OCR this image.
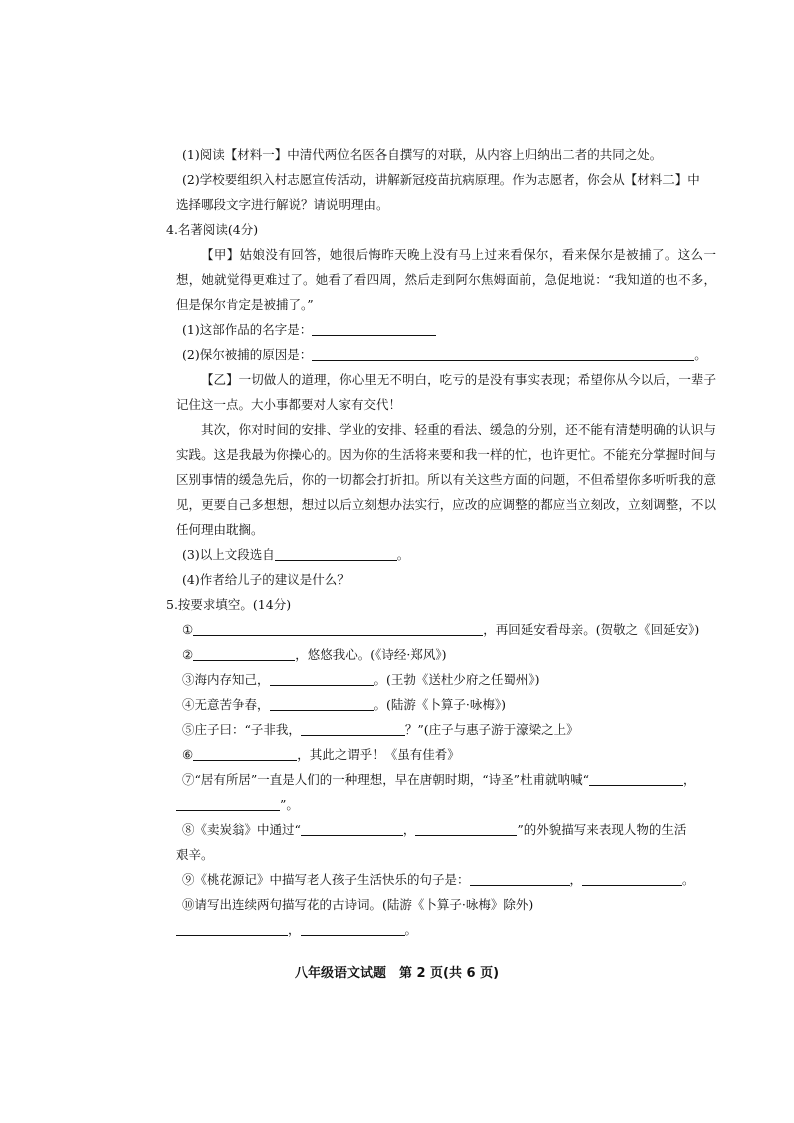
(1)阅读【材料一】中清代两位名医各自撰写的对联，从内容上归纳出二者的共同之处。
(2)学校要组织入村志愿宣传活动，讲解新冠疫苗抗病原理。作为志愿者，你会从【材料二】中
选择哪段文字进行解说？请说明理由。
4.名著阅读(4分)
【甲】姑娘没有回答，她很后悔昨天晚上没有马上过来看保尔，看来保尔是被捕了。这么一想，她就觉得更难过了。她看了看四周，然后走到阿尔焦姆面前，急促地说：“我知道的也不多，但是保尔肯定是被捕了。”
(1)这部作品的名字是：
(2)保尔被捕的原因是：	。
【乙】一切做人的道理，你心里无不明白，吃亏的是没有事实表现；希望你从今以后，一辈子记住这一点。大小事都要对人家有交代！
其次，你对时间的安排、学业的安排、轻重的看法、缓急的分别，还不能有清楚明确的认识与实践。这是我最为你操心的。因为你的生活将来要和我一样的忙，也许更忙。不能充分掌握时间与区别事情的缓急先后，你的一切都会打折扣。所以有关这些方面的问题，不但希望你多听听我的意见，更要自己多想想，想过以后立刻想办法实行，应改的应调整的都应当立刻改，立刻调整，不以任何理由耽搁。
(3)以上文段选自	。
(4)作者给儿子的建议是什么？
5.按要求填空。(14分)
①	，再回延安看母亲。(贺敬之《回延安》)
②	，悠悠我心。(《诗经·郑风》)
③海内存知己，	。(王勃《送杜少府之任蜀州》)
④无意苦争春，	。(陆游《卜算子·咏梅》)
⑤庄子曰：“子非我，	？”(庄子与惠子游于濠梁之上》
⑥	，其此之谓乎！《虽有佳肴》
⑦“居有所居”一直是人们的一种理想，早在唐朝时期，“诗圣”杜甫就呐喊“	，
”。
⑧《卖炭翁》中通过“	，	”的外貌描写来表现人物的生活
艰辛。
⑨《桃花源记》中描写老人孩子生活快乐的句子是：	，	。
⑩请写出连续两句描写花的古诗词。(陆游《卜算子·咏梅》除外)
，	。
八年级语文试题　第 2 页(共 6 页)
